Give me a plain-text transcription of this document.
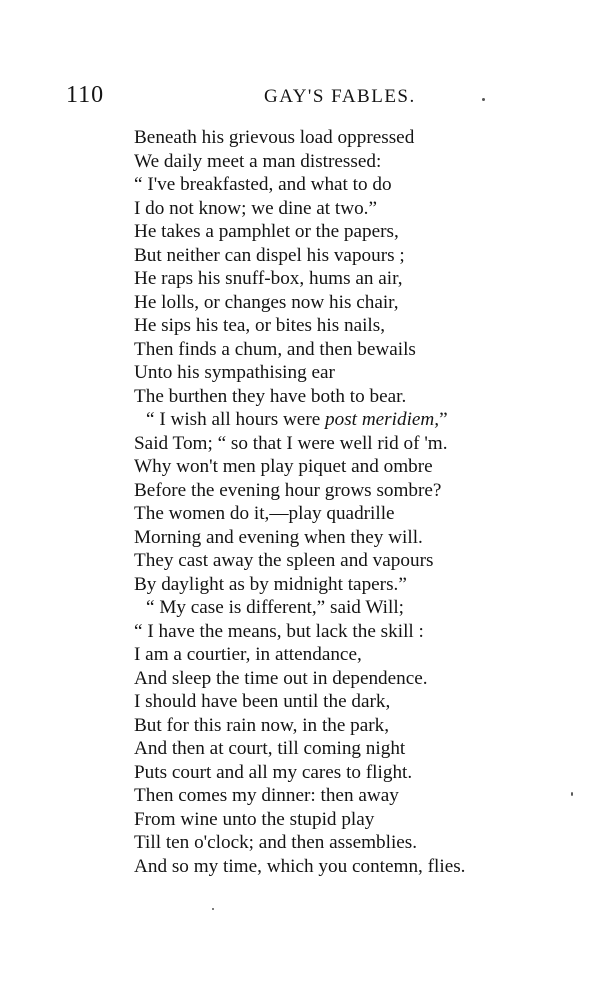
110	GAY'S FABLES.
Beneath his grievous load oppressed
We daily meet a man distressed:
“ I've breakfasted, and what to do
I do not know; we dine at two.”
He takes a pamphlet or the papers,
But neither can dispel his vapours ;
He raps his snuff-box, hums an air,
He lolls, or changes now his chair,
He sips his tea, or bites his nails,
Then finds a chum, and then bewails
Unto his sympathising ear
The burthen they have both to bear.
“ I wish all hours were post meridiem,”
Said Tom; “ so that I were well rid of 'm.
Why won't men play piquet and ombre
Before the evening hour grows sombre?
The women do it,—play quadrille
Morning and evening when they will.
They cast away the spleen and vapours
By daylight as by midnight tapers.”
“ My case is different,” said Will;
“ I have the means, but lack the skill :
I am a courtier, in attendance,
And sleep the time out in dependence.
I should have been until the dark,
But for this rain now, in the park,
And then at court, till coming night
Puts court and all my cares to flight.
Then comes my dinner: then away
From wine unto the stupid play
Till ten o'clock; and then assemblies.
And so my time, which you contemn, flies.
